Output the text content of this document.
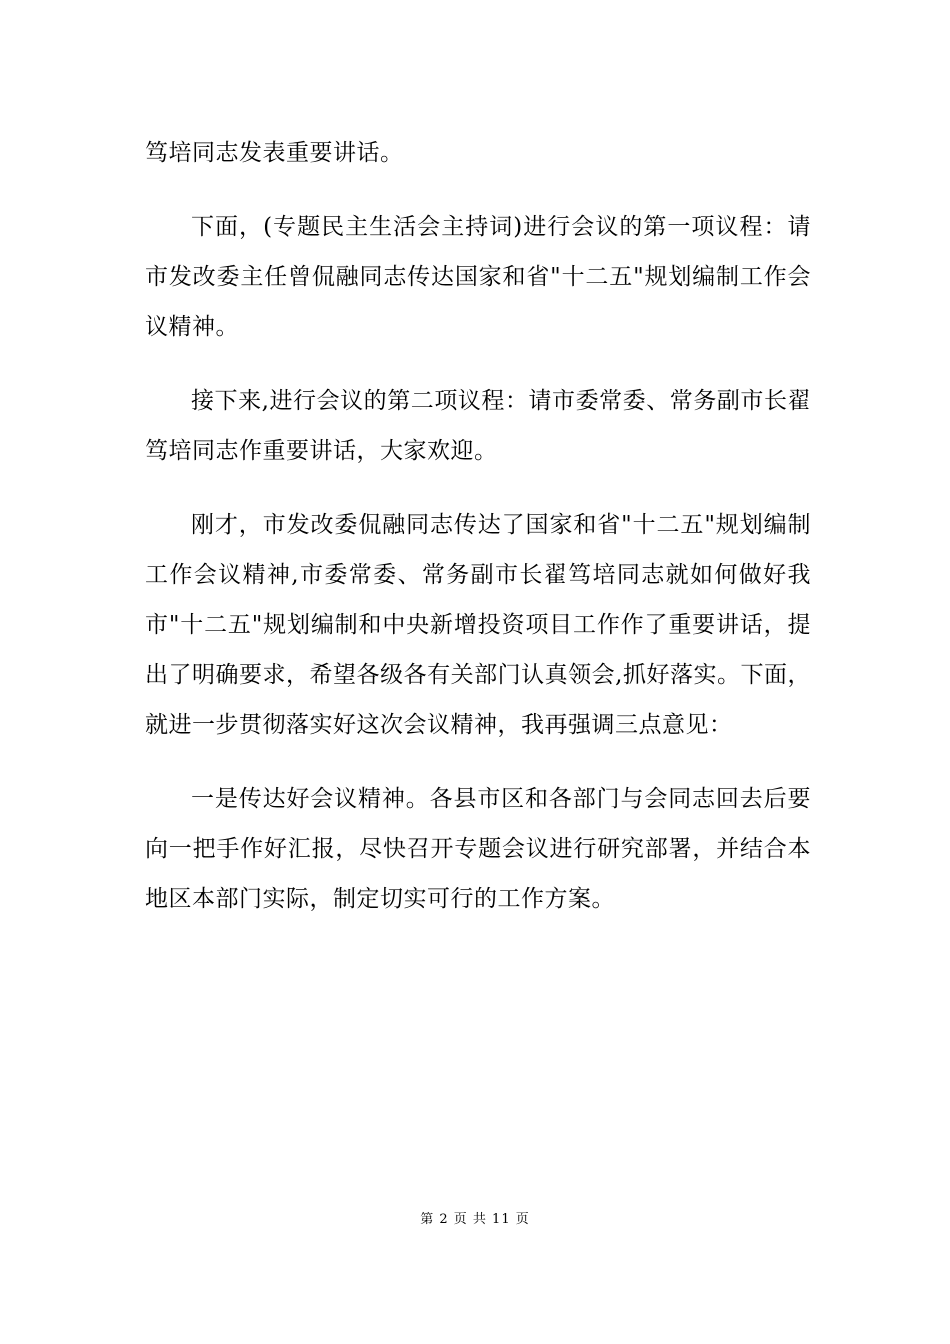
笃培同志发表重要讲话。

下面，(专题民主生活会主持词)进行会议的第一项议程：请市发改委主任曾侃融同志传达国家和省"十二五"规划编制工作会议精神。

接下来,进行会议的第二项议程：请市委常委、常务副市长翟笃培同志作重要讲话，大家欢迎。

刚才，市发改委侃融同志传达了国家和省"十二五"规划编制工作会议精神,市委常委、常务副市长翟笃培同志就如何做好我市"十二五"规划编制和中央新增投资项目工作作了重要讲话，提出了明确要求，希望各级各有关部门认真领会,抓好落实。下面，就进一步贯彻落实好这次会议精神，我再强调三点意见：

一是传达好会议精神。各县市区和各部门与会同志回去后要向一把手作好汇报，尽快召开专题会议进行研究部署，并结合本地区本部门实际，制定切实可行的工作方案。

第 2 页 共 11 页
